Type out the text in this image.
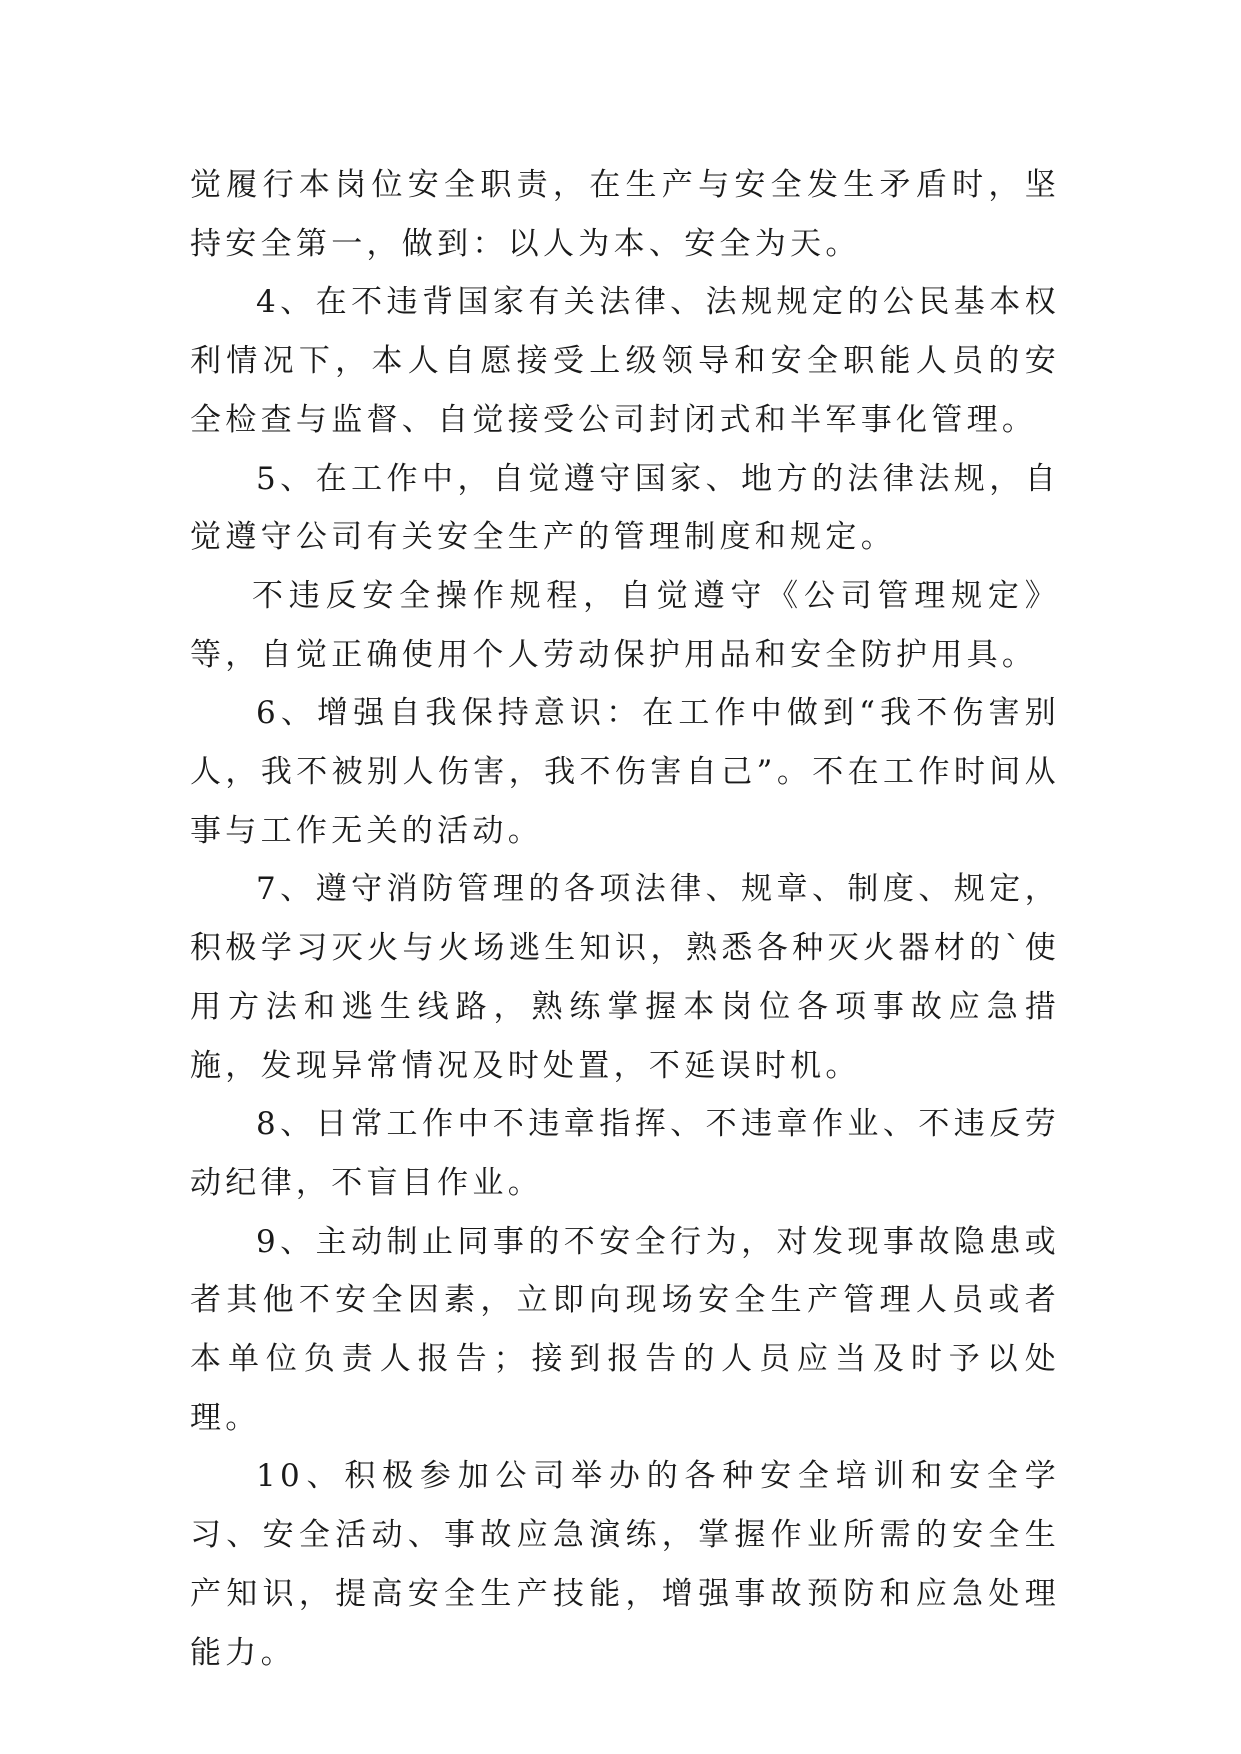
觉履行本岗位安全职责，在生产与安全发生矛盾时，坚持安全第一，做到：以人为本、安全为天。

4、在不违背国家有关法律、法规规定的公民基本权利情况下，本人自愿接受上级领导和安全职能人员的安全检查与监督、自觉接受公司封闭式和半军事化管理。

5、在工作中，自觉遵守国家、地方的法律法规，自觉遵守公司有关安全生产的管理制度和规定。

不违反安全操作规程，自觉遵守《公司管理规定》等，自觉正确使用个人劳动保护用品和安全防护用具。

6、增强自我保持意识：在工作中做到“我不伤害别人，我不被别人伤害，我不伤害自己”。不在工作时间从事与工作无关的活动。

7、遵守消防管理的各项法律、规章、制度、规定，积极学习灭火与火场逃生知识，熟悉各种灭火器材的`使用方法和逃生线路，熟练掌握本岗位各项事故应急措施，发现异常情况及时处置，不延误时机。

8、日常工作中不违章指挥、不违章作业、不违反劳动纪律，不盲目作业。

9、主动制止同事的不安全行为，对发现事故隐患或者其他不安全因素，立即向现场安全生产管理人员或者本单位负责人报告；接到报告的人员应当及时予以处理。

10、积极参加公司举办的各种安全培训和安全学习、安全活动、事故应急演练，掌握作业所需的安全生产知识，提高安全生产技能，增强事故预防和应急处理能力。
